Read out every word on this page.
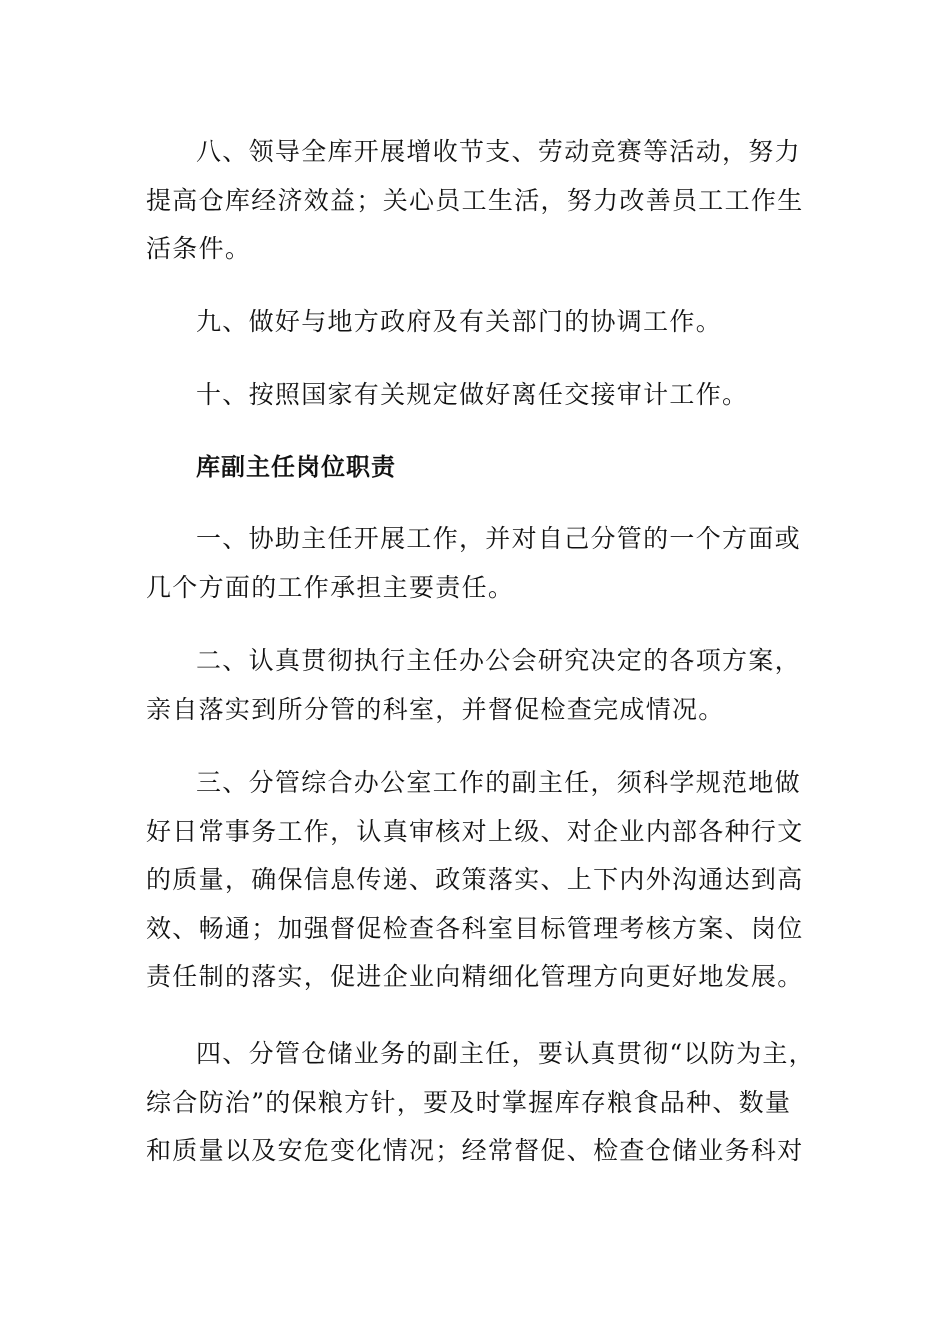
八、领导全库开展增收节支、劳动竞赛等活动，努力
提高仓库经济效益；关心员工生活，努力改善员工工作生
活条件。
九、做好与地方政府及有关部门的协调工作。
十、按照国家有关规定做好离任交接审计工作。
库副主任岗位职责
一、协助主任开展工作，并对自己分管的一个方面或
几个方面的工作承担主要责任。
二、认真贯彻执行主任办公会研究决定的各项方案，
亲自落实到所分管的科室，并督促检查完成情况。
三、分管综合办公室工作的副主任，须科学规范地做
好日常事务工作，认真审核对上级、对企业内部各种行文
的质量，确保信息传递、政策落实、上下内外沟通达到高
效、畅通；加强督促检查各科室目标管理考核方案、岗位
责任制的落实，促进企业向精细化管理方向更好地发展。
四、分管仓储业务的副主任，要认真贯彻“以防为主，
综合防治”的保粮方针，要及时掌握库存粮食品种、数量
和质量以及安危变化情况；经常督促、检查仓储业务科对
